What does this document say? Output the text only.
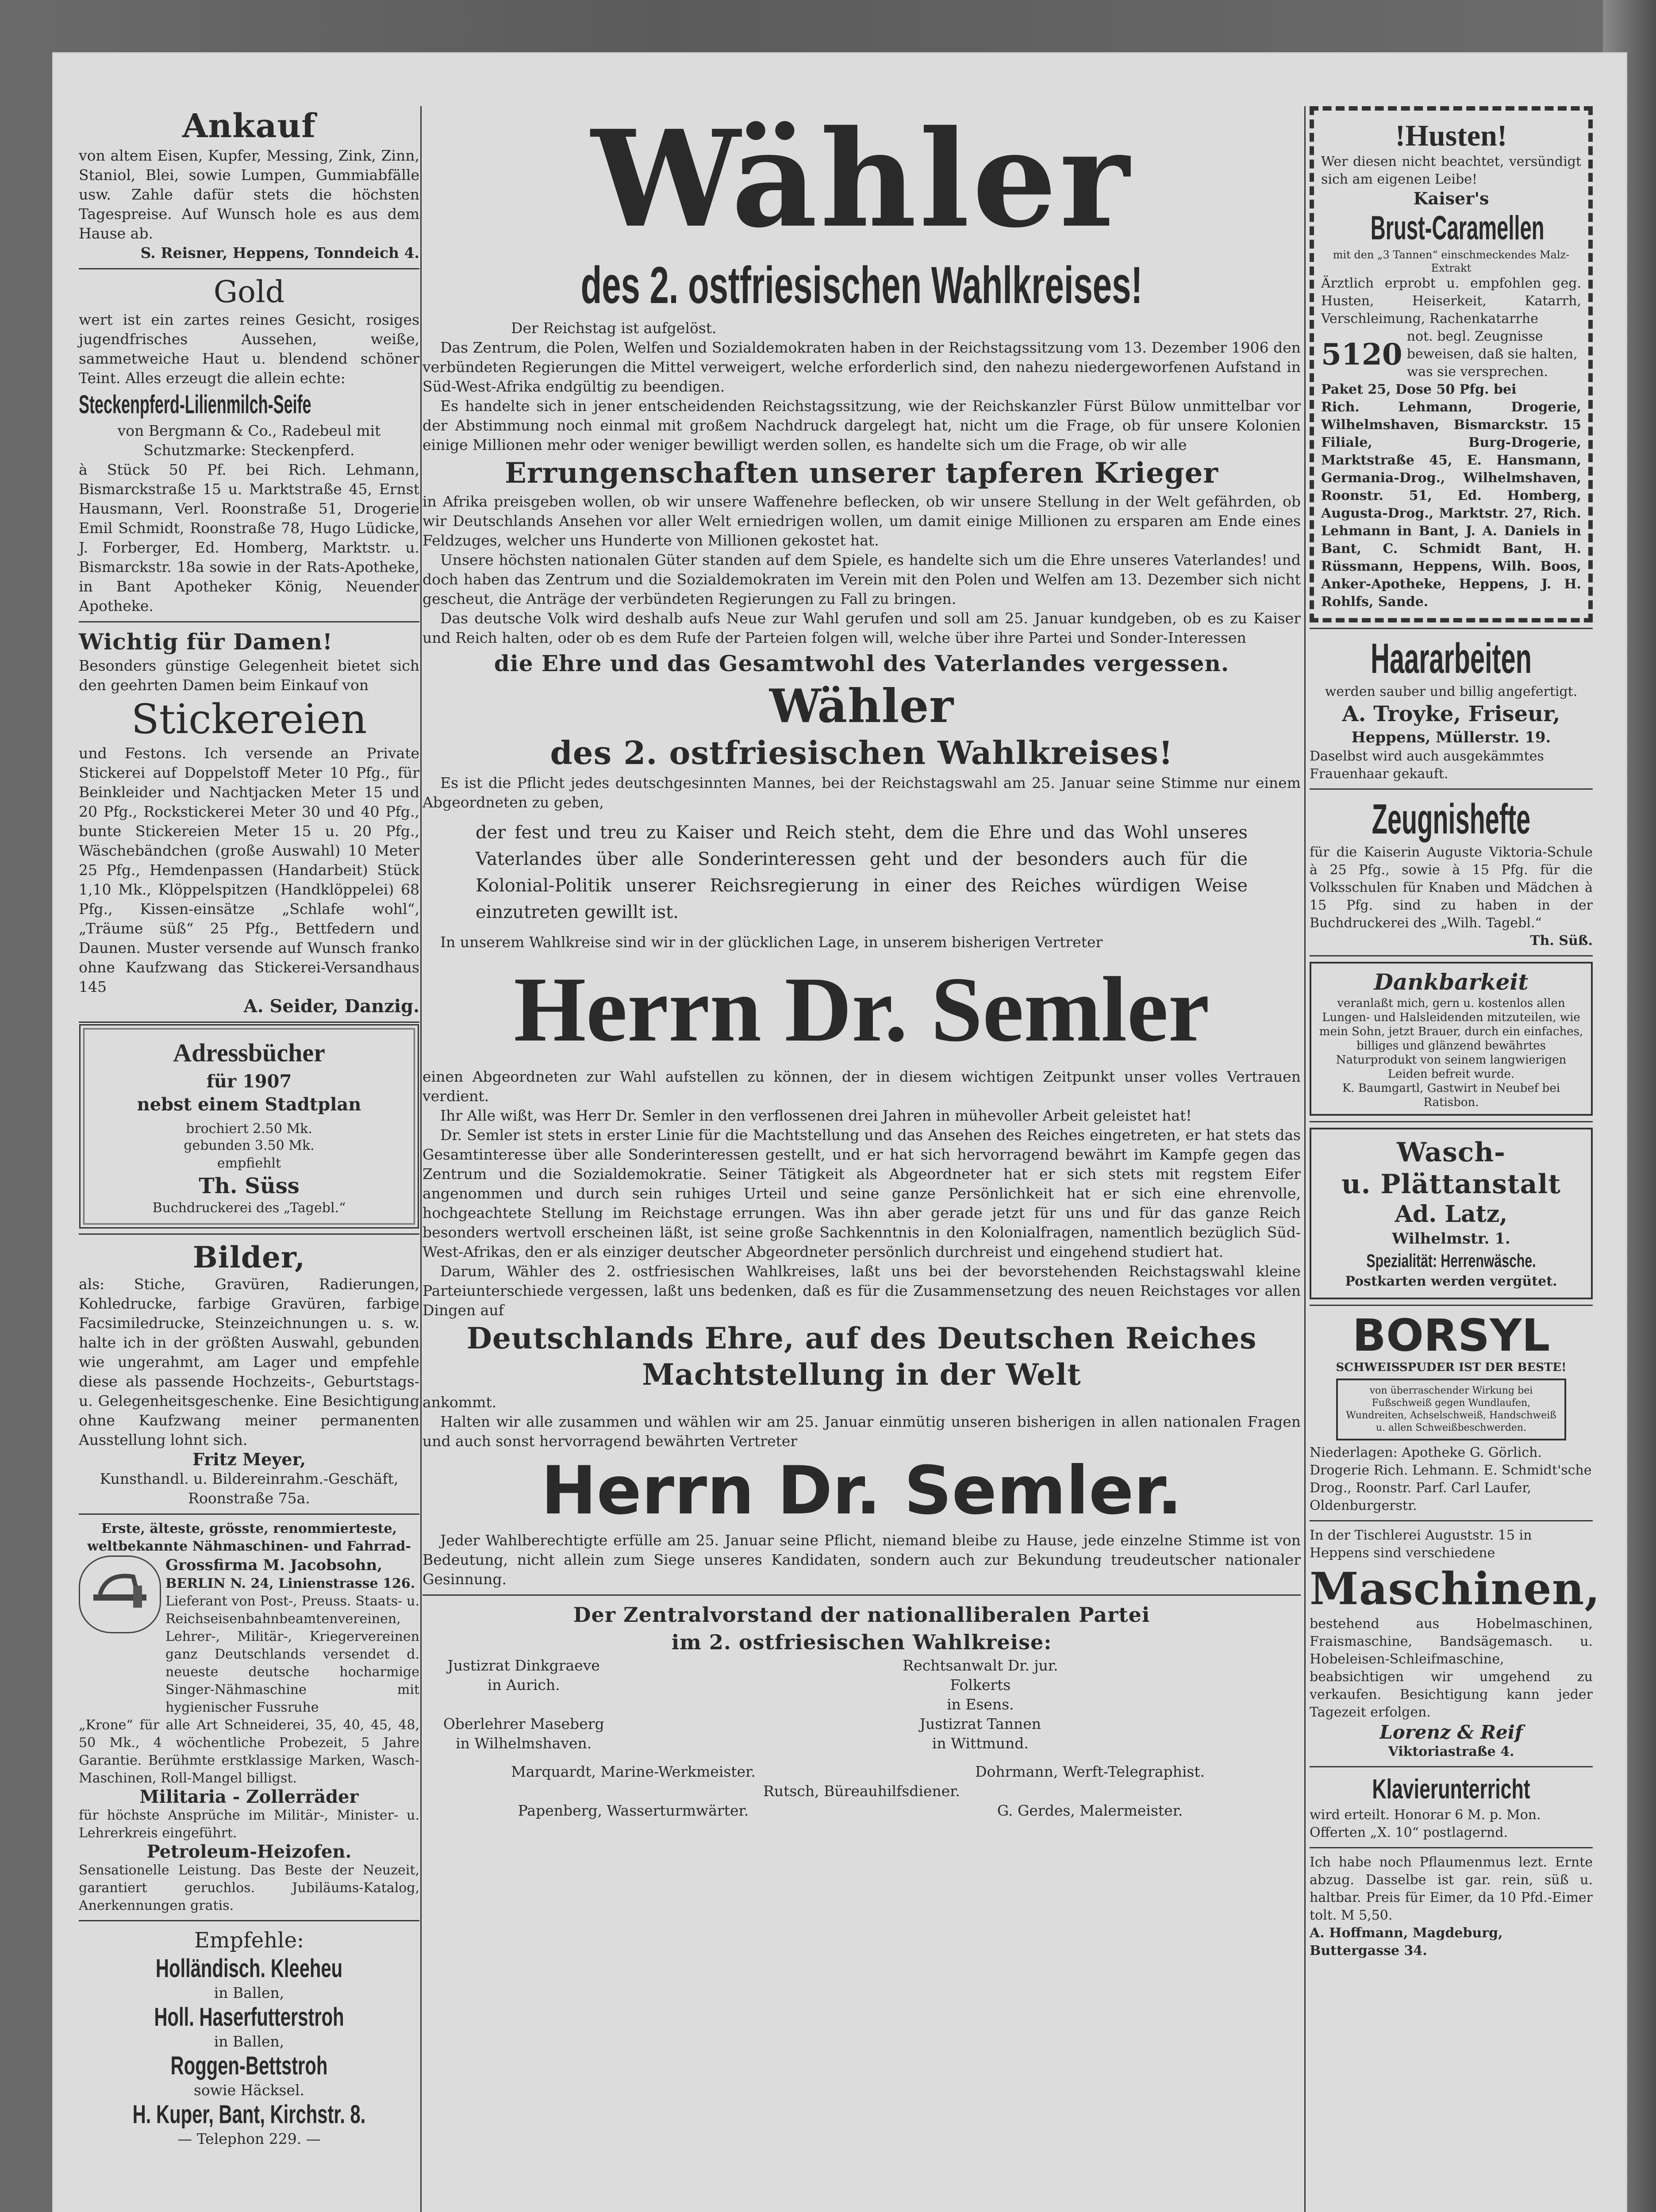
Ankauf

von altem Eisen, Kupfer, Messing, Zink, Zinn, Staniol, Blei, sowie Lumpen, Gummiabfälle usw. Zahle dafür stets die höchsten Tagespreise. Auf Wunsch hole es aus dem Hause ab.

S. Reisner, Heppens, Tonndeich 4.

Gold

wert ist ein zartes reines Gesicht, rosiges jugendfrisches Aussehen, weiße, sammetweiche Haut u. blendend schöner Teint. Alles erzeugt die allein echte:

Steckenpferd-Lilienmilch-Seife

von Bergmann & Co., Radebeul mit Schutzmarke: Steckenpferd.

à Stück 50 Pf. bei Rich. Lehmann, Bismarckstraße 15 u. Marktstraße 45, Ernst Hausmann, Verl. Roonstraße 51, Drogerie Emil Schmidt, Roonstraße 78, Hugo Lüdicke, J. Forberger, Ed. Homberg, Marktstr. u. Bismarckstr. 18a sowie in der Rats-Apotheke, in Bant Apotheker König, Neuender Apotheke.

Wichtig für Damen!

Besonders günstige Gelegenheit bietet sich den geehrten Damen beim Einkauf von

Stickereien

und Festons. Ich versende an Private Stickerei auf Doppelstoff Meter 10 Pfg., für Beinkleider und Nachtjacken Meter 15 und 20 Pfg., Rockstickerei Meter 30 und 40 Pfg., bunte Stickereien Meter 15 u. 20 Pfg., Wäschebändchen (große Auswahl) 10 Meter 25 Pfg., Hemdenpassen (Handarbeit) Stück 1,10 Mk., Klöppelspitzen (Handklöppelei) 68 Pfg., Kissen-einsätze „Schlafe wohl“, „Träume süß“ 25 Pfg., Bettfedern und Daunen. Muster versende auf Wunsch franko ohne Kaufzwang das Stickerei-Versandhaus 145

A. Seider, Danzig.

Adressbücher
für 1907
nebst einem Stadtplan
brochiert 2.50 Mk.
gebunden 3.50 Mk.
empfiehlt
Th. Süss
Buchdruckerei des „Tagebl.“
Bilder,

als: Stiche, Gravüren, Radierungen, Kohledrucke, farbige Gravüren, farbige Facsimiledrucke, Steinzeichnungen u. s. w. halte ich in der größten Auswahl, gebunden wie ungerahmt, am Lager und empfehle diese als passende Hochzeits-, Geburtstags- u. Gelegenheitsgeschenke. Eine Besichtigung ohne Kaufzwang meiner permanenten Ausstellung lohnt sich.

Fritz Meyer,

Kunsthandl. u. Bildereinrahm.-Geschäft, Roonstraße 75a.

Erste, älteste, grösste, renommierteste, weltbekannte Nähmaschinen- und Fahrrad-

Grossfirma M. Jacobsohn,

BERLIN N. 24, Linienstrasse 126.

Lieferant von Post-, Preuss. Staats- u. Reichseisenbahnbeamtenvereinen, Lehrer-, Militär-, Kriegervereinen ganz Deutschlands versendet d. neueste deutsche hocharmige Singer-Nähmaschine mit hygienischer Fussruhe

„Krone“ für alle Art Schneiderei, 35, 40, 45, 48, 50 Mk., 4 wöchentliche Probezeit, 5 Jahre Garantie. Berühmte erstklassige Marken, Wasch-Maschinen, Roll-Mangel billigst.

Militaria - Zollerräder

für höchste Ansprüche im Militär-, Minister- u. Lehrerkreis eingeführt.

Petroleum-Heizofen.

Sensationelle Leistung. Das Beste der Neuzeit, garantiert geruchlos. Jubiläums-Katalog, Anerkennungen gratis.

Empfehle:
Holländisch. Kleeheu
in Ballen,
Holl. Haserfutterstroh
in Ballen,
Roggen-Bettstroh
sowie Häcksel.
H. Kuper, Bant, Kirchstr. 8.
— Telephon 229. —
Wähler
des 2. ostfriesischen Wahlkreises!

Der Reichstag ist aufgelöst.

Das Zentrum, die Polen, Welfen und Sozialdemokraten haben in der Reichstagssitzung vom 13. Dezember 1906 den verbündeten Regierungen die Mittel verweigert, welche erforderlich sind, den nahezu niedergeworfenen Aufstand in Süd-West-Afrika endgültig zu beendigen.

Es handelte sich in jener entscheidenden Reichstagssitzung, wie der Reichskanzler Fürst Bülow unmittelbar vor der Abstimmung noch einmal mit großem Nachdruck dargelegt hat, nicht um die Frage, ob für unsere Kolonien einige Millionen mehr oder weniger bewilligt werden sollen, es handelte sich um die Frage, ob wir alle

Errungenschaften unserer tapferen Krieger

in Afrika preisgeben wollen, ob wir unsere Waffenehre beflecken, ob wir unsere Stellung in der Welt gefährden, ob wir Deutschlands Ansehen vor aller Welt erniedrigen wollen, um damit einige Millionen zu ersparen am Ende eines Feldzuges, welcher uns Hunderte von Millionen gekostet hat.

Unsere höchsten nationalen Güter standen auf dem Spiele, es handelte sich um die Ehre unseres Vaterlandes! und doch haben das Zentrum und die Sozialdemokraten im Verein mit den Polen und Welfen am 13. Dezember sich nicht gescheut, die Anträge der verbündeten Regierungen zu Fall zu bringen.

Das deutsche Volk wird deshalb aufs Neue zur Wahl gerufen und soll am 25. Januar kundgeben, ob es zu Kaiser und Reich halten, oder ob es dem Rufe der Parteien folgen will, welche über ihre Partei und Sonder-Interessen

die Ehre und das Gesamtwohl des Vaterlandes vergessen.
Wähler
des 2. ostfriesischen Wahlkreises!

Es ist die Pflicht jedes deutschgesinnten Mannes, bei der Reichstagswahl am 25. Januar seine Stimme nur einem Abgeordneten zu geben,

der fest und treu zu Kaiser und Reich steht, dem die Ehre und das Wohl unseres Vaterlandes über alle Sonderinteressen geht und der besonders auch für die Kolonial-Politik unserer Reichsregierung in einer des Reiches würdigen Weise einzutreten gewillt ist.

In unserem Wahlkreise sind wir in der glücklichen Lage, in unserem bisherigen Vertreter

Herrn Dr. Semler

einen Abgeordneten zur Wahl aufstellen zu können, der in diesem wichtigen Zeitpunkt unser volles Vertrauen verdient.

Ihr Alle wißt, was Herr Dr. Semler in den verflossenen drei Jahren in mühevoller Arbeit geleistet hat!

Dr. Semler ist stets in erster Linie für die Machtstellung und das Ansehen des Reiches eingetreten, er hat stets das Gesamtinteresse über alle Sonderinteressen gestellt, und er hat sich hervorragend bewährt im Kampfe gegen das Zentrum und die Sozialdemokratie. Seiner Tätigkeit als Abgeordneter hat er sich stets mit regstem Eifer angenommen und durch sein ruhiges Urteil und seine ganze Persönlichkeit hat er sich eine ehrenvolle, hochgeachtete Stellung im Reichstage errungen. Was ihn aber gerade jetzt für uns und für das ganze Reich besonders wertvoll erscheinen läßt, ist seine große Sachkenntnis in den Kolonialfragen, namentlich bezüglich Süd-West-Afrikas, den er als einziger deutscher Abgeordneter persönlich durchreist und eingehend studiert hat.

Darum, Wähler des 2. ostfriesischen Wahlkreises, laßt uns bei der bevorstehenden Reichstagswahl kleine Parteiunterschiede vergessen, laßt uns bedenken, daß es für die Zusammensetzung des neuen Reichstages vor allen Dingen auf

Deutschlands Ehre, auf des Deutschen Reiches
Machtstellung in der Welt

ankommt.

Halten wir alle zusammen und wählen wir am 25. Januar einmütig unseren bisherigen in allen nationalen Fragen und auch sonst hervorragend bewährten Vertreter

Herrn Dr. Semler.

Jeder Wahlberechtigte erfülle am 25. Januar seine Pflicht, niemand bleibe zu Hause, jede einzelne Stimme ist von Bedeutung, nicht allein zum Siege unseres Kandidaten, sondern auch zur Bekundung treudeutscher nationaler Gesinnung.

Der Zentralvorstand der nationalliberalen Partei
im 2. ostfriesischen Wahlkreise:
Justizrat Dinkgraeve
in Aurich.
Rechtsanwalt Dr. jur. Folkerts
in Esens.
Oberlehrer Maseberg
in Wilhelmshaven.
Justizrat Tannen
in Wittmund.
Marquardt, Marine-Werkmeister.	Dohrmann, Werft-Telegraphist.
Rutsch, Büreauhilfsdiener.
Papenberg, Wasserturmwärter.	G. Gerdes, Malermeister.
!Husten!

Wer diesen nicht beachtet, versündigt sich am eigenen Leibe!

Kaiser's
Brust-Caramellen

mit den „3 Tannen“ einschmeckendes Malz-Extrakt

Ärztlich erprobt u. empfohlen geg. Husten, Heiserkeit, Katarrh, Verschleimung, Rachenkatarrhe

5120
not. begl. Zeugnisse beweisen, daß sie halten, was sie versprechen.

Paket 25, Dose 50 Pfg. bei

Rich. Lehmann, Drogerie, Wilhelmshaven, Bismarckstr. 15 Filiale, Burg-Drogerie, Marktstraße 45, E. Hansmann, Germania-Drog., Wilhelmshaven, Roonstr. 51, Ed. Homberg, Augusta-Drog., Marktstr. 27, Rich. Lehmann in Bant, J. A. Daniels in Bant, C. Schmidt Bant, H. Rüssmann, Heppens, Wilh. Boos, Anker-Apotheke, Heppens, J. H. Rohlfs, Sande.

Haararbeiten

werden sauber und billig angefertigt.

A. Troyke, Friseur,
Heppens, Müllerstr. 19.

Daselbst wird auch ausgekämmtes Frauenhaar gekauft.

Zeugnishefte

für die Kaiserin Auguste Viktoria-Schule à 25 Pfg., sowie à 15 Pfg. für die Volksschulen für Knaben und Mädchen à 15 Pfg. sind zu haben in der Buchdruckerei des „Wilh. Tagebl.“

Th. Süß.

Dankbarkeit

veranlaßt mich, gern u. kostenlos allen Lungen- und Halsleidenden mitzuteilen, wie mein Sohn, jetzt Brauer, durch ein einfaches, billiges und glänzend bewährtes Naturprodukt von seinem langwierigen Leiden befreit wurde.

K. Baumgartl, Gastwirt in Neubef bei Ratisbon.

Wasch-
u. Plättanstalt
Ad. Latz,
Wilhelmstr. 1.
Spezialität: Herrenwäsche.
Postkarten werden vergütet.
BORSYL
SCHWEISSPUDER IST DER BESTE!

von überraschender Wirkung bei Fußschweiß gegen Wundlaufen, Wundreiten, Achselschweiß, Handschweiß u. allen Schweißbeschwerden.

Niederlagen: Apotheke G. Görlich. Drogerie Rich. Lehmann. E. Schmidt'sche Drog., Roonstr. Parf. Carl Laufer, Oldenburgerstr.

In der Tischlerei Auguststr. 15 in Heppens sind verschiedene

Maschinen,

bestehend aus Hobelmaschinen, Fraismaschine, Bandsägemasch. u. Hobeleisen-Schleifmaschine, beabsichtigen wir umgehend zu verkaufen. Besichtigung kann jeder Tagezeit erfolgen.

Lorenz & Reif
Viktoriastraße 4.
Klavierunterricht

wird erteilt. Honorar 6 M. p. Mon. Offerten „X. 10“ postlagernd.

Ich habe noch Pflaumenmus lezt. Ernte abzug. Dasselbe ist gar. rein, süß u. haltbar. Preis für Eimer, da 10 Pfd.-Eimer tolt. M 5,50.

A. Hoffmann, Magdeburg, Buttergasse 34.
